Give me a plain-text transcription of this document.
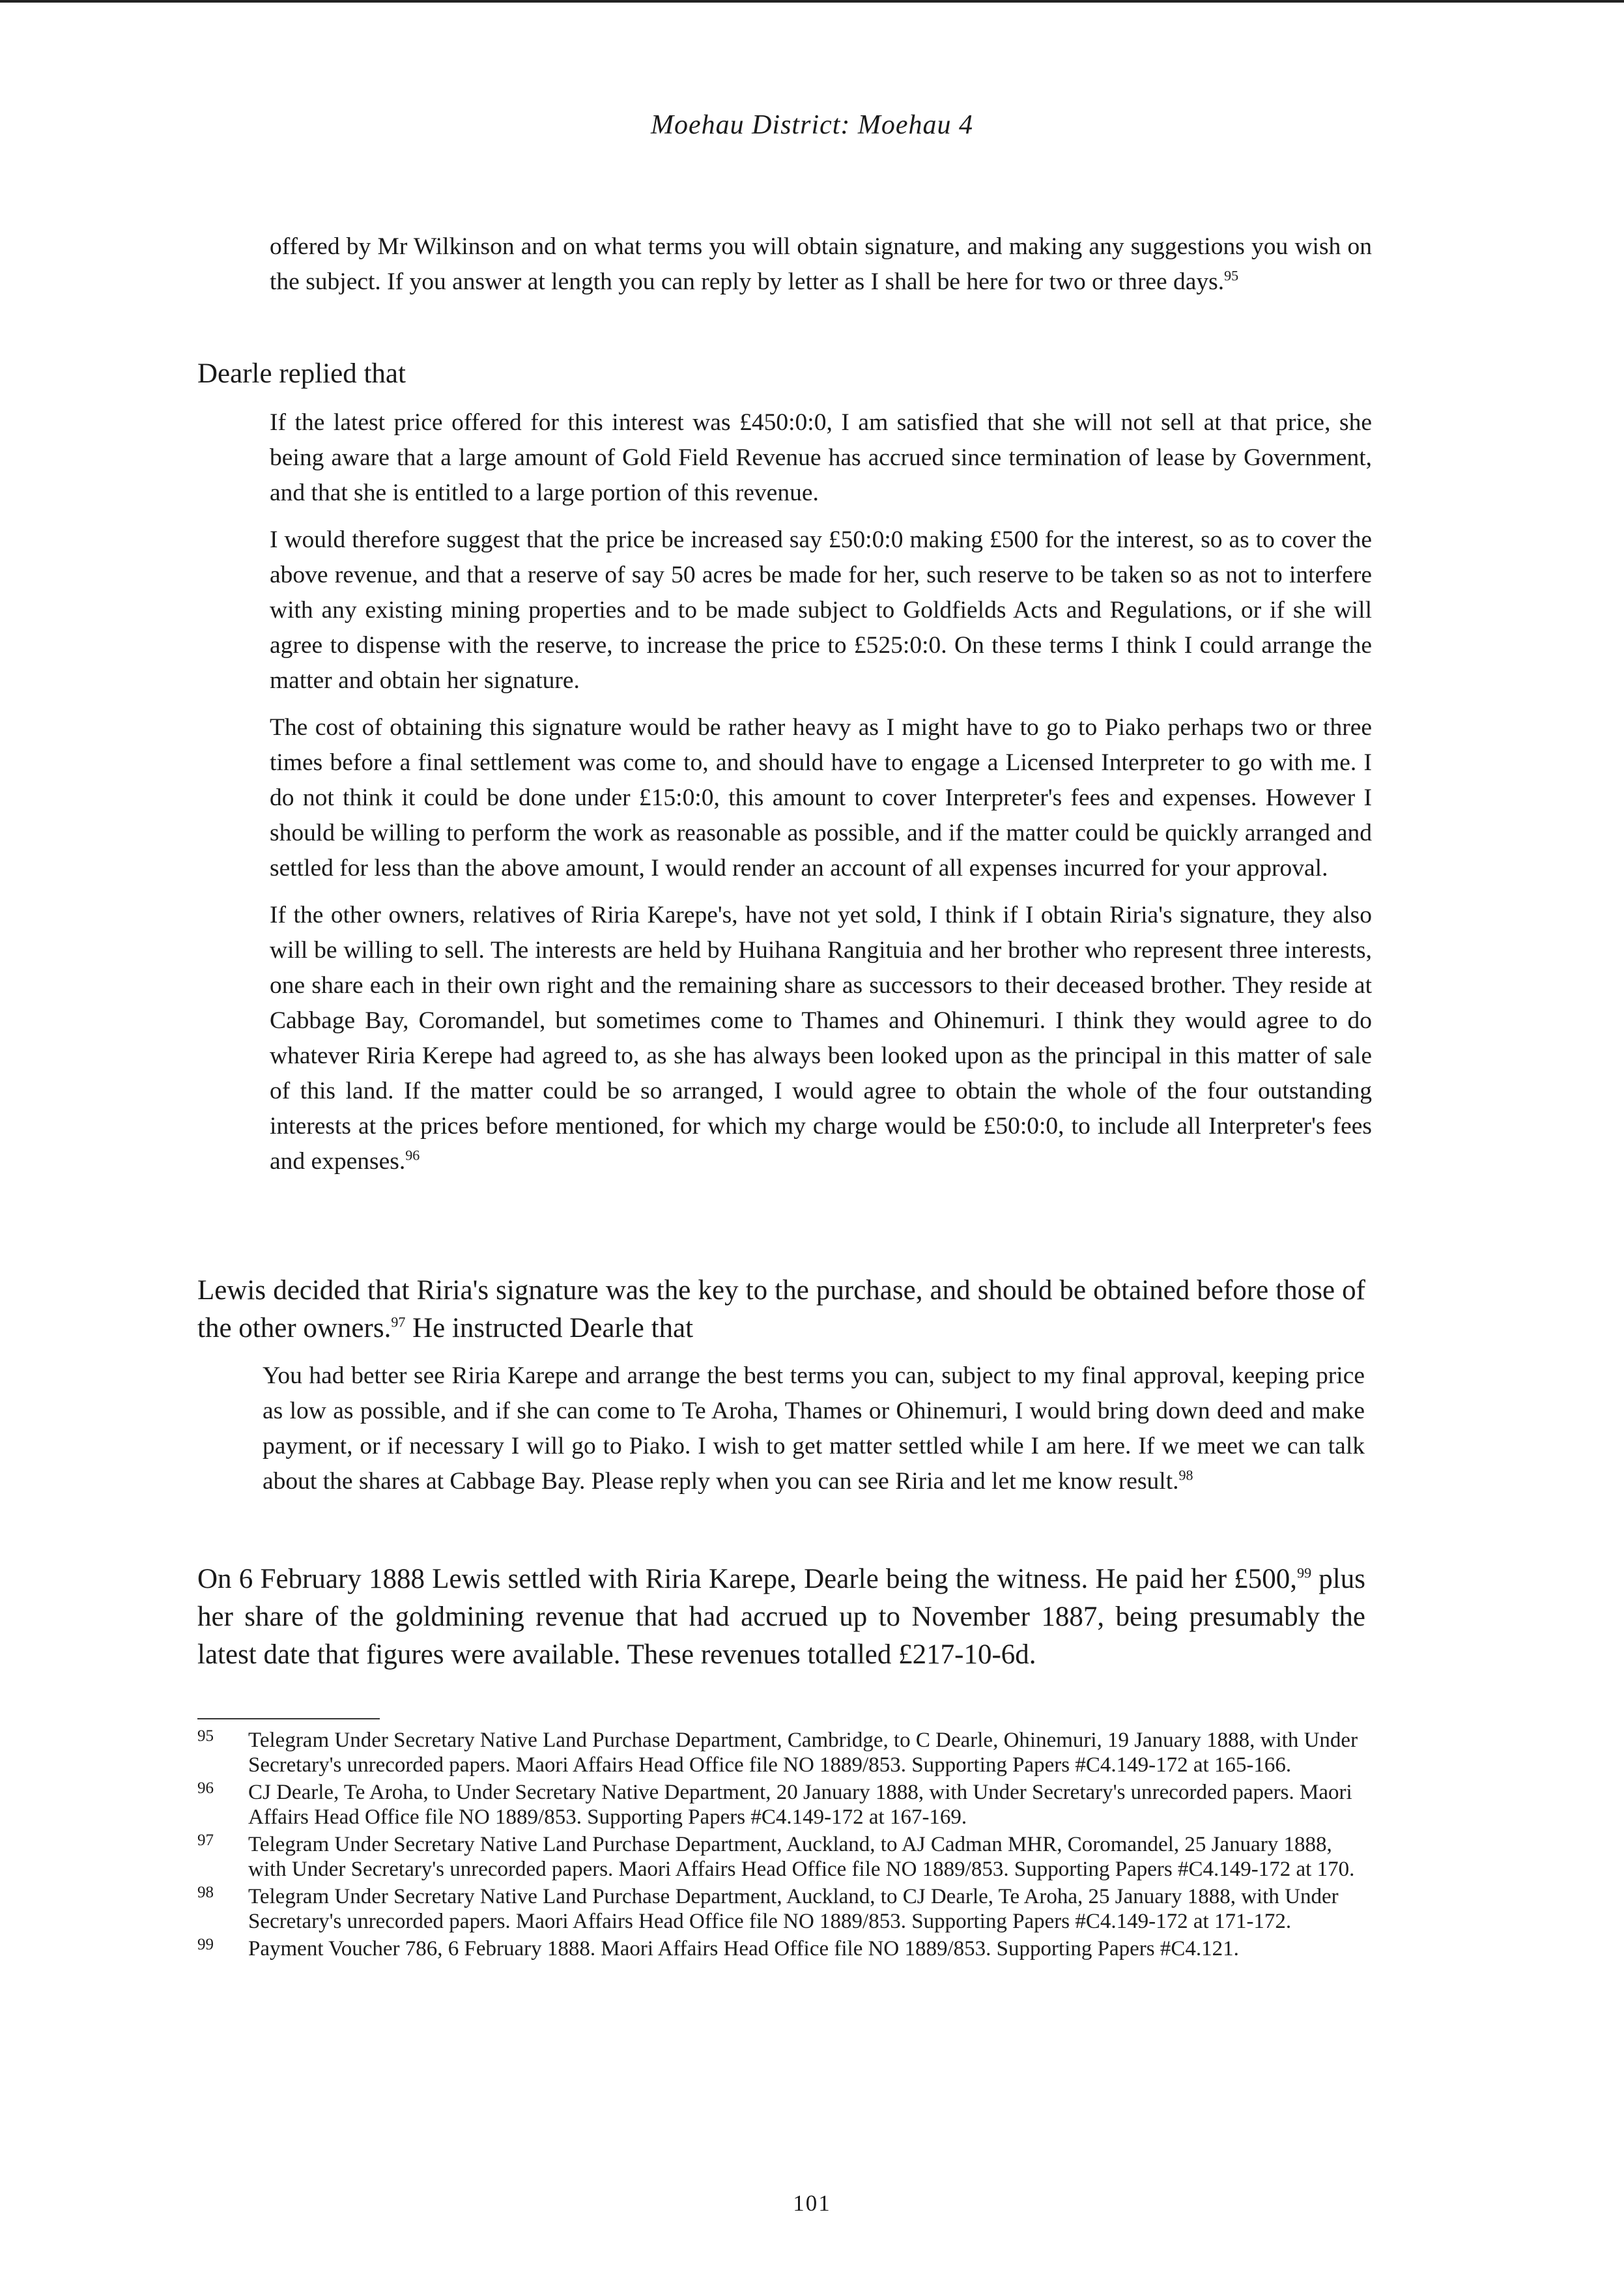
Moehau District: Moehau 4

offered by Mr Wilkinson and on what terms you will obtain signature, and making any suggestions you wish on the subject. If you answer at length you can reply by letter as I shall be here for two or three days.$^{95}$

Dearle replied that

If the latest price offered for this interest was £450:0:0, I am satisfied that she will not sell at that price, she being aware that a large amount of Gold Field Revenue has accrued since termination of lease by Government, and that she is entitled to a large portion of this revenue.

I would therefore suggest that the price be increased say £50:0:0 making £500 for the interest, so as to cover the above revenue, and that a reserve of say 50 acres be made for her, such reserve to be taken so as not to interfere with any existing mining properties and to be made subject to Goldfields Acts and Regulations, or if she will agree to dispense with the reserve, to increase the price to £525:0:0. On these terms I think I could arrange the matter and obtain her signature.

The cost of obtaining this signature would be rather heavy as I might have to go to Piako perhaps two or three times before a final settlement was come to, and should have to engage a Licensed Interpreter to go with me. I do not think it could be done under £15:0:0, this amount to cover Interpreter's fees and expenses. However I should be willing to perform the work as reasonable as possible, and if the matter could be quickly arranged and settled for less than the above amount, I would render an account of all expenses incurred for your approval.

If the other owners, relatives of Riria Karepe's, have not yet sold, I think if I obtain Riria's signature, they also will be willing to sell. The interests are held by Huihana Rangituia and her brother who represent three interests, one share each in their own right and the remaining share as successors to their deceased brother. They reside at Cabbage Bay, Coromandel, but sometimes come to Thames and Ohinemuri. I think they would agree to do whatever Riria Kerepe had agreed to, as she has always been looked upon as the principal in this matter of sale of this land. If the matter could be so arranged, I would agree to obtain the whole of the four outstanding interests at the prices before mentioned, for which my charge would be £50:0:0, to include all Interpreter's fees and expenses.$^{96}$

Lewis decided that Riria's signature was the key to the purchase, and should be obtained before those of the other owners.$^{97}$ He instructed Dearle that

You had better see Riria Karepe and arrange the best terms you can, subject to my final approval, keeping price as low as possible, and if she can come to Te Aroha, Thames or Ohinemuri, I would bring down deed and make payment, or if necessary I will go to Piako. I wish to get matter settled while I am here. If we meet we can talk about the shares at Cabbage Bay. Please reply when you can see Riria and let me know result.$^{98}$

On 6 February 1888 Lewis settled with Riria Karepe, Dearle being the witness. He paid her £500,99 plus her share of the goldmining revenue that had accrued up to November 1887, being presumably the latest date that figures were available. These revenues totalled £217-10-6d.
95 Telegram Under Secretary Native Land Purchase Department, Cambridge, to C Dearle, Ohinemuri, 19 January 1888, with Under Secretary's unrecorded papers. Maori Affairs Head Office file NO 1889/853. Supporting Papers #C4.149-172 at 165-166.
96 CJ Dearle, Te Aroha, to Under Secretary Native Department, 20 January 1888, with Under Secretary's unrecorded papers. Maori Affairs Head Office file NO 1889/853. Supporting Papers #C4.149-172 at 167-169.
97 Telegram Under Secretary Native Land Purchase Department, Auckland, to AJ Cadman MHR, Coromandel, 25 January 1888, with Under Secretary's unrecorded papers. Maori Affairs Head Office file NO 1889/853. Supporting Papers #C4.149-172 at 170.
98 Telegram Under Secretary Native Land Purchase Department, Auckland, to CJ Dearle, Te Aroha, 25 January 1888, with Under Secretary's unrecorded papers. Maori Affairs Head Office file NO 1889/853. Supporting Papers #C4.149-172 at 171-172.
99 Payment Voucher 786, 6 February 1888. Maori Affairs Head Office file NO 1889/853. Supporting Papers #C4.121.
101
